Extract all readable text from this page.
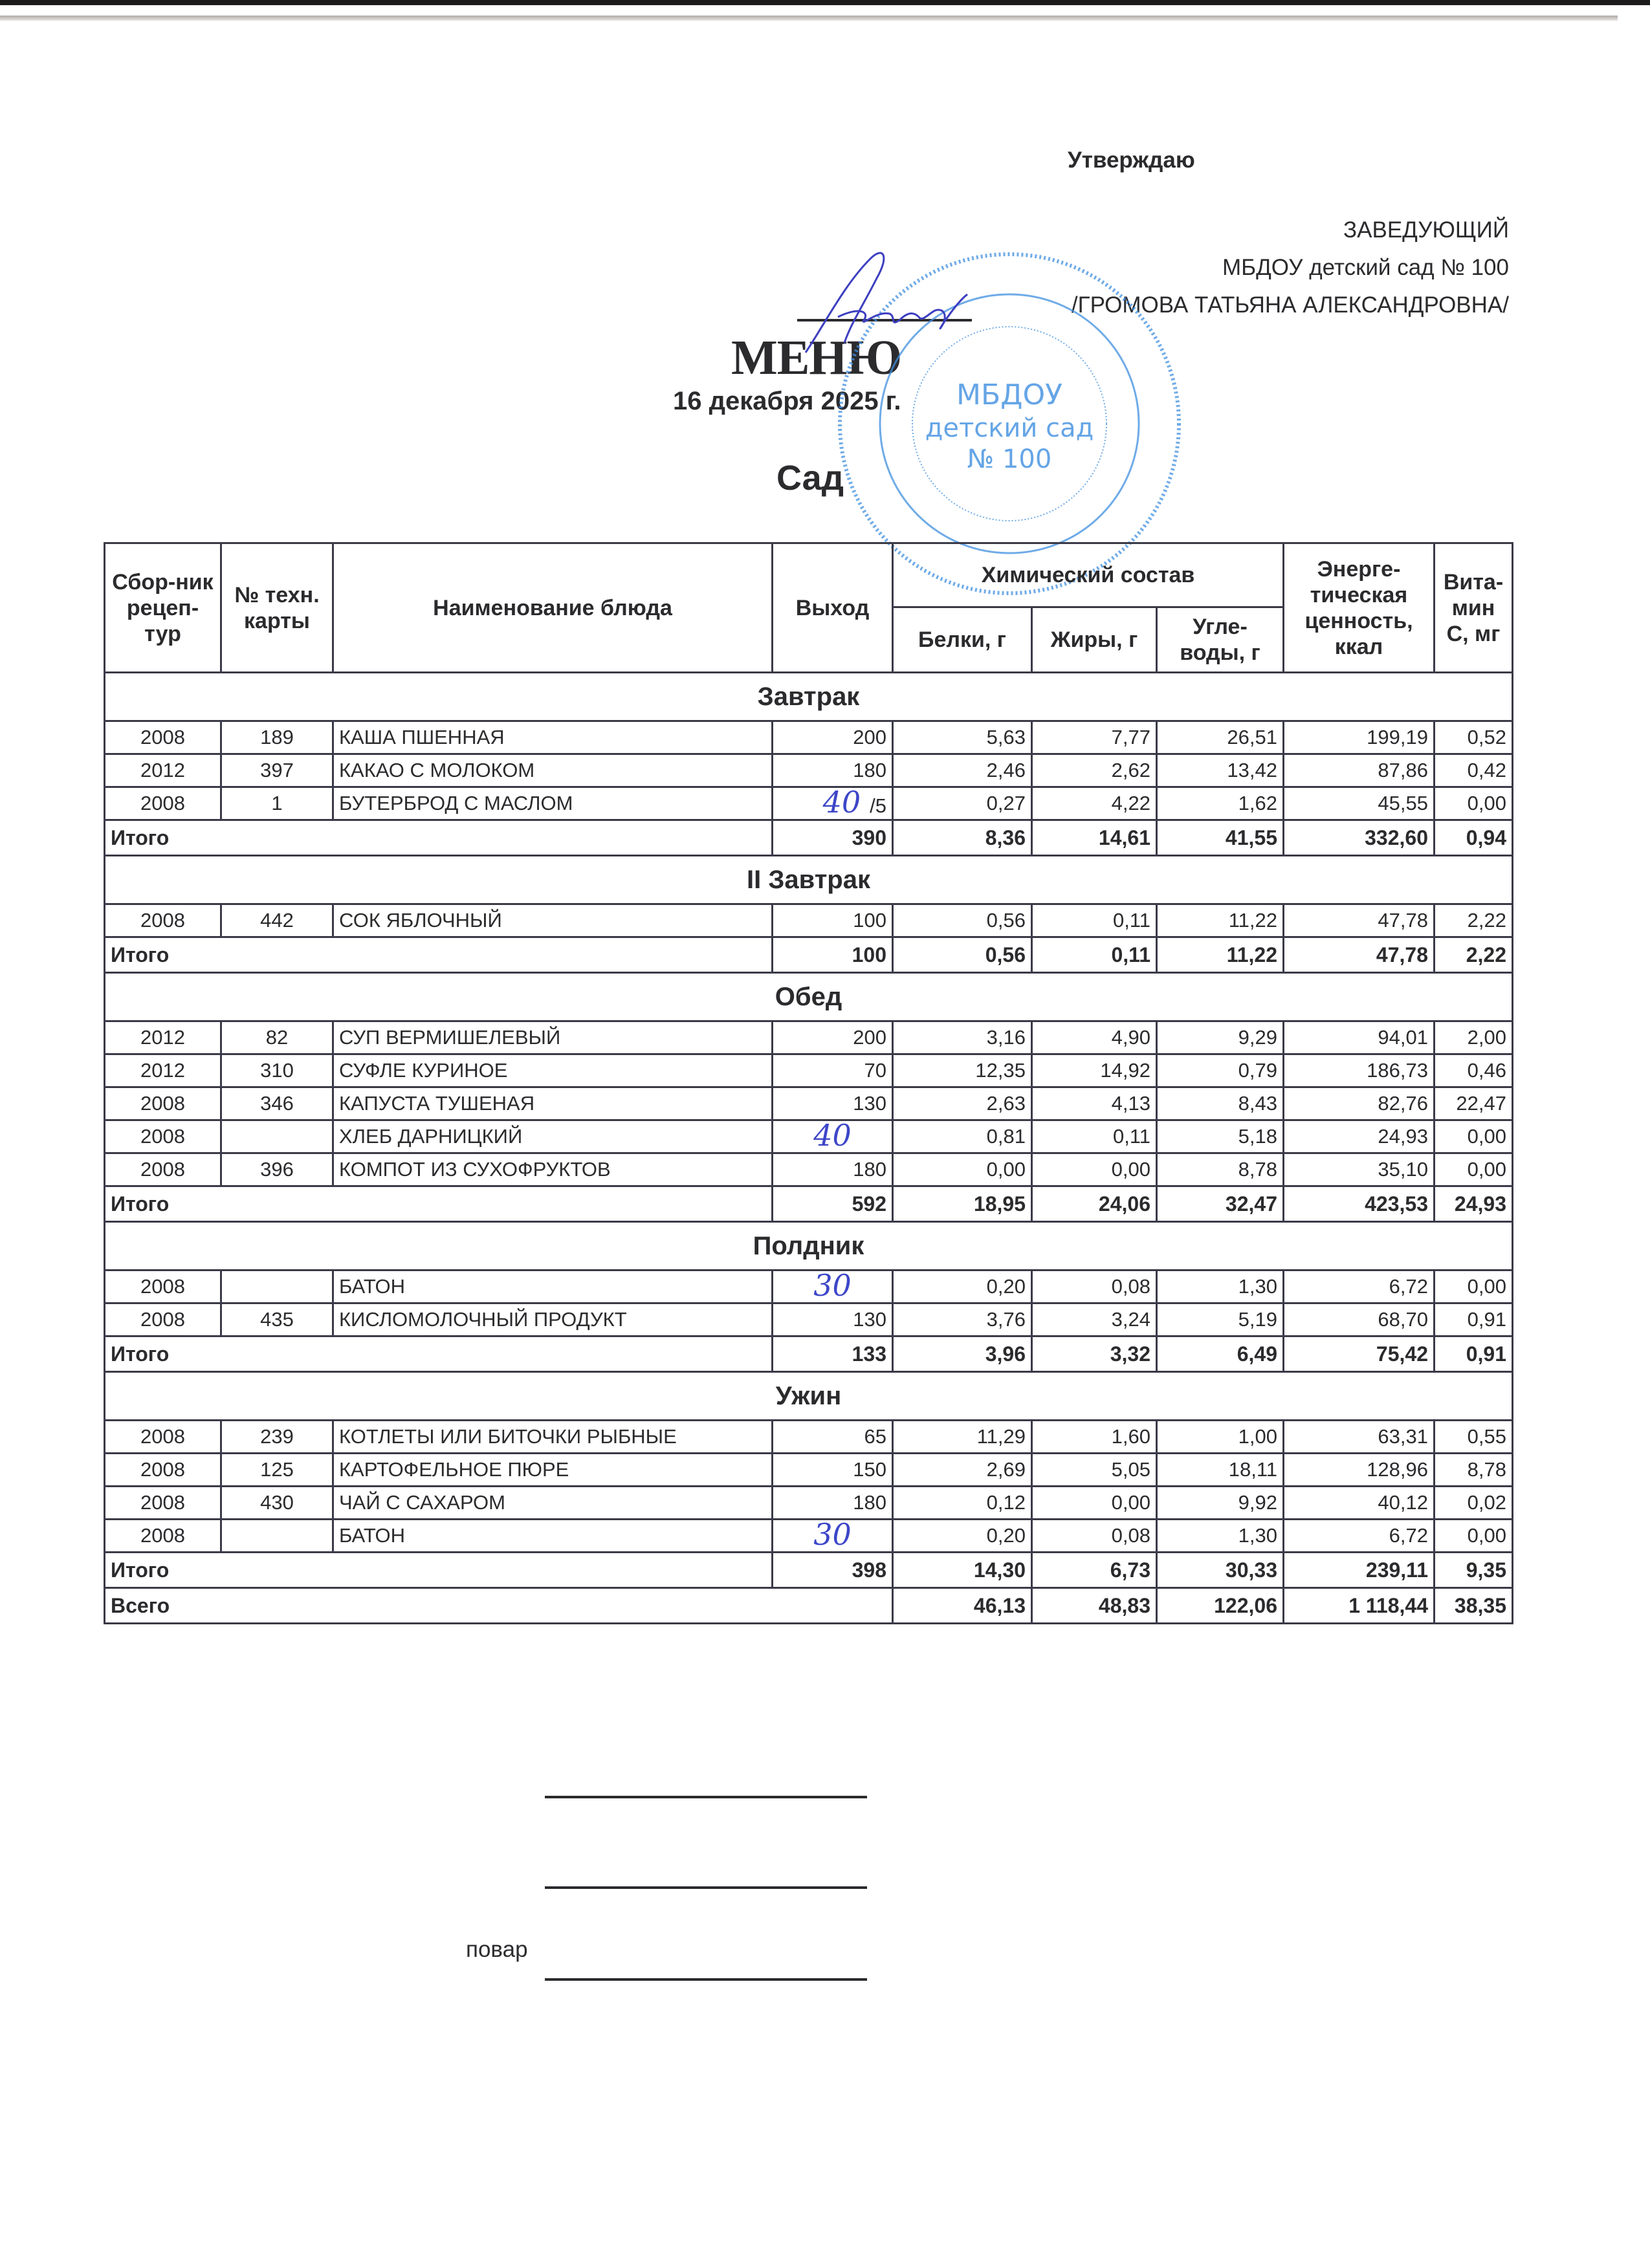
Утверждаю
ЗАВЕДУЮЩИЙ
МБДОУ детский сад № 100
/ГРОМОВА ТАТЬЯНА АЛЕКСАНДРОВНА/
МЕНЮ
16 декабря 2025 г.
Сад
МБДОУ
детский сад
№ 100
Сбор-ник рецеп-тур	№ техн. карты	Наименование блюда	Выход	Химический состав			Энерге-тическая ценность, ккал	Вита-мин С, мг
				Белки, г	Жиры, г	Угле-воды, г		
Завтрак								
2008	189	КАША ПШЕННАЯ	200	5,63	7,77	26,51	199,19	0,52
2012	397	КАКАО С МОЛОКОМ	180	2,46	2,62	13,42	87,86	0,42
2008	1	БУТЕРБРОД С МАСЛОМ	40 /5	0,27	4,22	1,62	45,55	0,00
Итого			390	8,36	14,61	41,55	332,60	0,94
II Завтрак								
2008	442	СОК ЯБЛОЧНЫЙ	100	0,56	0,11	11,22	47,78	2,22
Итого			100	0,56	0,11	11,22	47,78	2,22
Обед								
2012	82	СУП ВЕРМИШЕЛЕВЫЙ	200	3,16	4,90	9,29	94,01	2,00
2012	310	СУФЛЕ КУРИНОЕ	70	12,35	14,92	0,79	186,73	0,46
2008	346	КАПУСТА ТУШЕНАЯ	130	2,63	4,13	8,43	82,76	22,47
2008		ХЛЕБ ДАРНИЦКИЙ	40	0,81	0,11	5,18	24,93	0,00
2008	396	КОМПОТ ИЗ СУХОФРУКТОВ	180	0,00	0,00	8,78	35,10	0,00
Итого			592	18,95	24,06	32,47	423,53	24,93
Полдник								
2008		БАТОН	30	0,20	0,08	1,30	6,72	0,00
2008	435	КИСЛОМОЛОЧНЫЙ ПРОДУКТ	130	3,76	3,24	5,19	68,70	0,91
Итого			133	3,96	3,32	6,49	75,42	0,91
Ужин								
2008	239	КОТЛЕТЫ ИЛИ БИТОЧКИ РЫБНЫЕ	65	11,29	1,60	1,00	63,31	0,55
2008	125	КАРТОФЕЛЬНОЕ ПЮРЕ	150	2,69	5,05	18,11	128,96	8,78
2008	430	ЧАЙ С САХАРОМ	180	0,12	0,00	9,92	40,12	0,02
2008		БАТОН	30	0,20	0,08	1,30	6,72	0,00
Итого			398	14,30	6,73	30,33	239,11	9,35
Всего				46,13	48,83	122,06	1 118,44	38,35
повар
